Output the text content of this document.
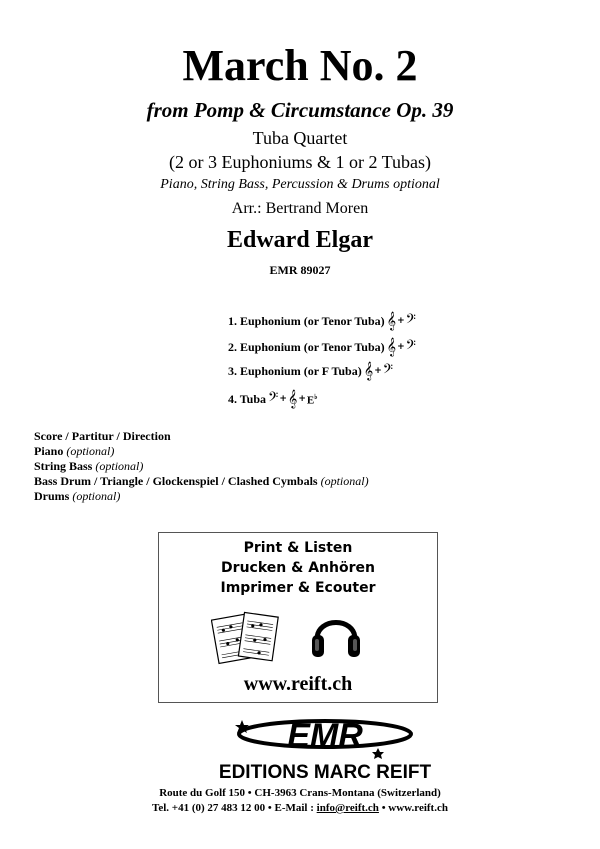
March No. 2
from Pomp & Circumstance Op. 39
Tuba Quartet
(2 or 3 Euphoniums & 1 or 2 Tubas)
Piano, String Bass, Percussion & Drums optional
Arr.: Bertrand Moren
Edward Elgar
EMR 89027
1. Euphonium (or Tenor Tuba) 𝄞 + 𝄢
2. Euphonium (or Tenor Tuba) 𝄞 + 𝄢
3. Euphonium (or F Tuba) 𝄞 + 𝄢
4. Tuba 𝄢 + 𝄞 + E♭
Score / Partitur / Direction
Piano (optional)
String Bass (optional)
Bass Drum / Triangle / Glockenspiel / Clashed Cymbals (optional)
Drums (optional)
Print & Listen
Drucken & Anhören
Imprimer & Ecouter
www.reift.ch
EMR
EDITIONS MARC REIFT
Route du Golf 150 • CH-3963 Crans-Montana (Switzerland)
Tel. +41 (0) 27 483 12 00 • E-Mail : info@reift.ch • www.reift.ch
